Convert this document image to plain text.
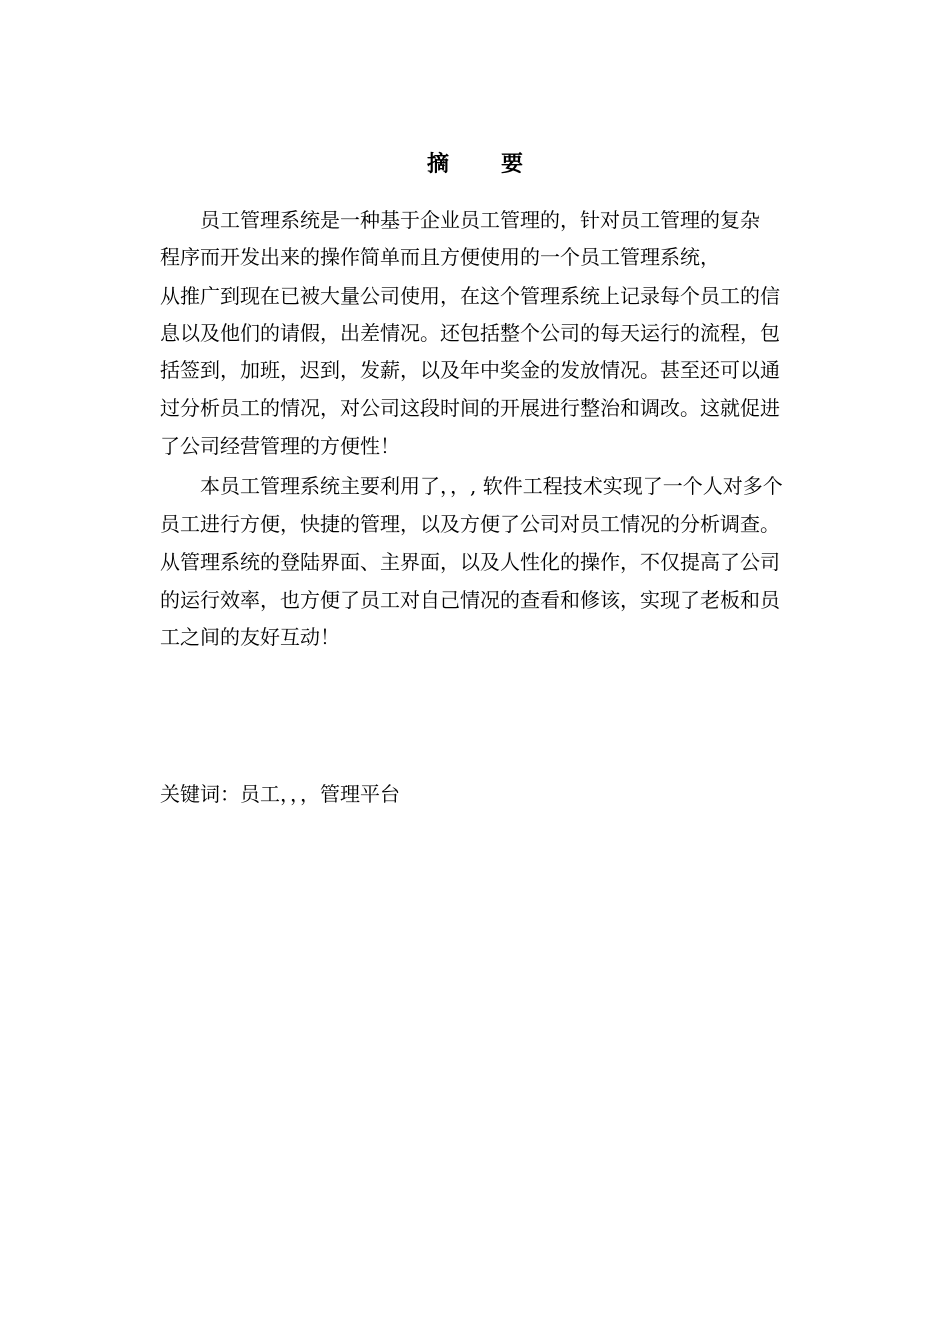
摘 要
员工管理系统是一种基于企业员工管理的，针对员工管理的复杂
程序而开发出来的操作简单而且方便使用的一个员工管理系统，
从推广到现在已被大量公司使用，在这个管理系统上记录每个员工的信
息以及他们的请假，出差情况。还包括整个公司的每天运行的流程，包
括签到，加班，迟到，发薪，以及年中奖金的发放情况。甚至还可以通
过分析员工的情况，对公司这段时间的开展进行整治和调改。这就促进
了公司经营管理的方便性！
本员工管理系统主要利用了，，, 软件工程技术实现了一个人对多个
员工进行方便，快捷的管理，以及方便了公司对员工情况的分析调查。
从管理系统的登陆界面、主界面，以及人性化的操作，不仅提高了公司
的运行效率，也方便了员工对自己情况的查看和修该，实现了老板和员
工之间的友好互动！
关键词：员工，，，管理平台
